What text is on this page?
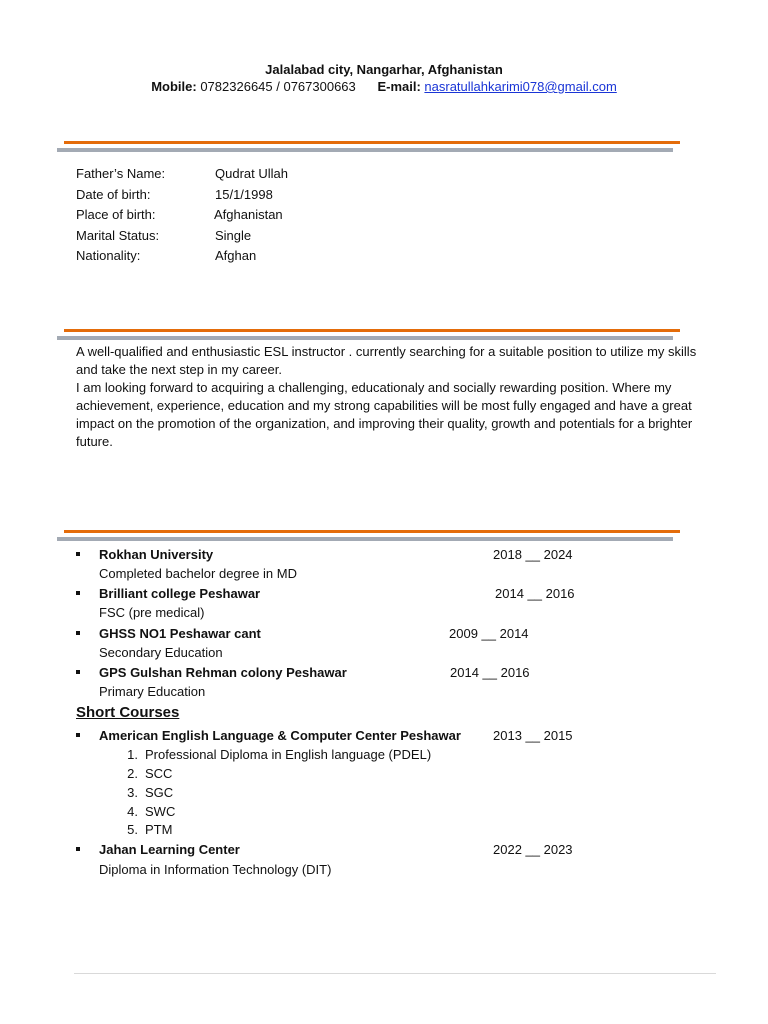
Jalalabad city, Nangarhar, Afghanistan
Mobile: 0782326645 / 0767300663 E-mail: nasratullahkarimi078@gmail.com
Father’s Name:	Qudrat Ullah
Date of birth:	15/1/1998
Place of birth:	Afghanistan
Marital Status:	Single
Nationality:	Afghan

A well-qualified and enthusiastic ESL instructor . currently searching for a suitable position to utilize my skills and take the next step in my career.

I am looking forward to acquiring a challenging, educationaly and socially rewarding position. Where my achievement, experience, education and my strong capabilities will be most fully engaged and have a great impact on the promotion of the organization, and improving their quality, growth and potentials for a brighter future.

Rokhan University	2018 __ 2024
Completed bachelor degree in MD
Brilliant college Peshawar	2014 __ 2016
FSC (pre medical)
GHSS NO1 Peshawar cant	2009 __ 2014
Secondary Education
GPS Gulshan Rehman colony Peshawar	2014 __ 2016
Primary Education
Short Courses
American English Language & Computer Center Peshawar 2013 __ 2015
1. Professional Diploma in English language (PDEL)
2. SCC
3. SGC
4. SWC
5. PTM
Jahan Learning Center	2022 __ 2023
Diploma in Information Technology (DIT)
